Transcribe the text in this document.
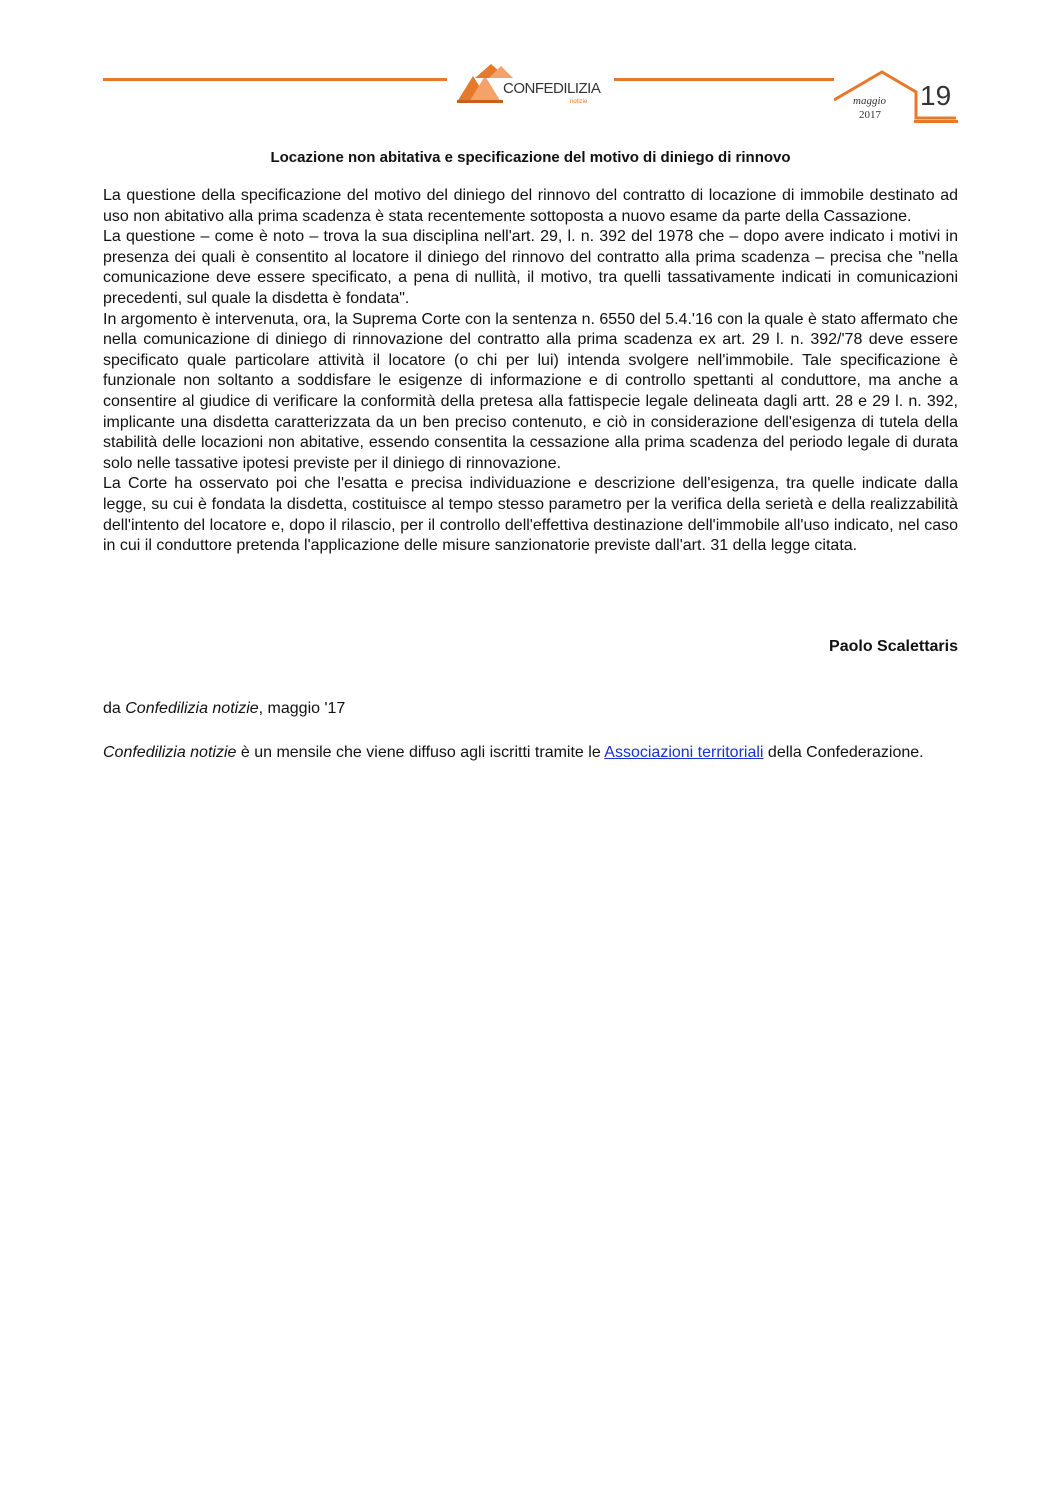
CONFEDILIZIA
notizie	19
maggio
2017
Locazione non abitativa e specificazione del motivo di diniego di rinnovo

La questione della specificazione del motivo del diniego del rinnovo del contratto di locazione di immobile destinato ad uso non abitativo alla prima scadenza è stata recentemente sottoposta a nuovo esame da parte della Cassazione.

La questione – come è noto – trova la sua disciplina nell'art. 29, l. n. 392 del 1978 che – dopo avere indicato i motivi in presenza dei quali è consentito al locatore il diniego del rinnovo del contratto alla prima scadenza – precisa che "nella comunicazione deve essere specificato, a pena di nullità, il motivo, tra quelli tassativamente indicati in comunicazioni precedenti, sul quale la disdetta è fondata".

In argomento è intervenuta, ora, la Suprema Corte con la sentenza n. 6550 del 5.4.'16 con la quale è stato affermato che nella comunicazione di diniego di rinnovazione del contratto alla prima scadenza ex art. 29 l. n. 392/'78 deve essere specificato quale particolare attività il locatore (o chi per lui) intenda svolgere nell'immobile. Tale specificazione è funzionale non soltanto a soddisfare le esigenze di informazione e di controllo spettanti al conduttore, ma anche a consentire al giudice di verificare la conformità della pretesa alla fattispecie legale delineata dagli artt. 28 e 29 l. n. 392, implicante una disdetta caratterizzata da un ben preciso contenuto, e ciò in considerazione dell'esigenza di tutela della stabilità delle locazioni non abitative, essendo consentita la cessazione alla prima scadenza del periodo legale di durata solo nelle tassative ipotesi previste per il diniego di rinnovazione.

La Corte ha osservato poi che l'esatta e precisa individuazione e descrizione dell'esigenza, tra quelle indicate dalla legge, su cui è fondata la disdetta, costituisce al tempo stesso parametro per la verifica della serietà e della realizzabilità dell'intento del locatore e, dopo il rilascio, per il controllo dell'effettiva destinazione dell'immobile all'uso indicato, nel caso in cui il conduttore pretenda l'applicazione delle misure sanzionatorie previste dall'art. 31 della legge citata.

Paolo Scalettaris
da Confedilizia notizie, maggio '17
Confedilizia notizie è un mensile che viene diffuso agli iscritti tramite le Associazioni territoriali della Confederazione.
